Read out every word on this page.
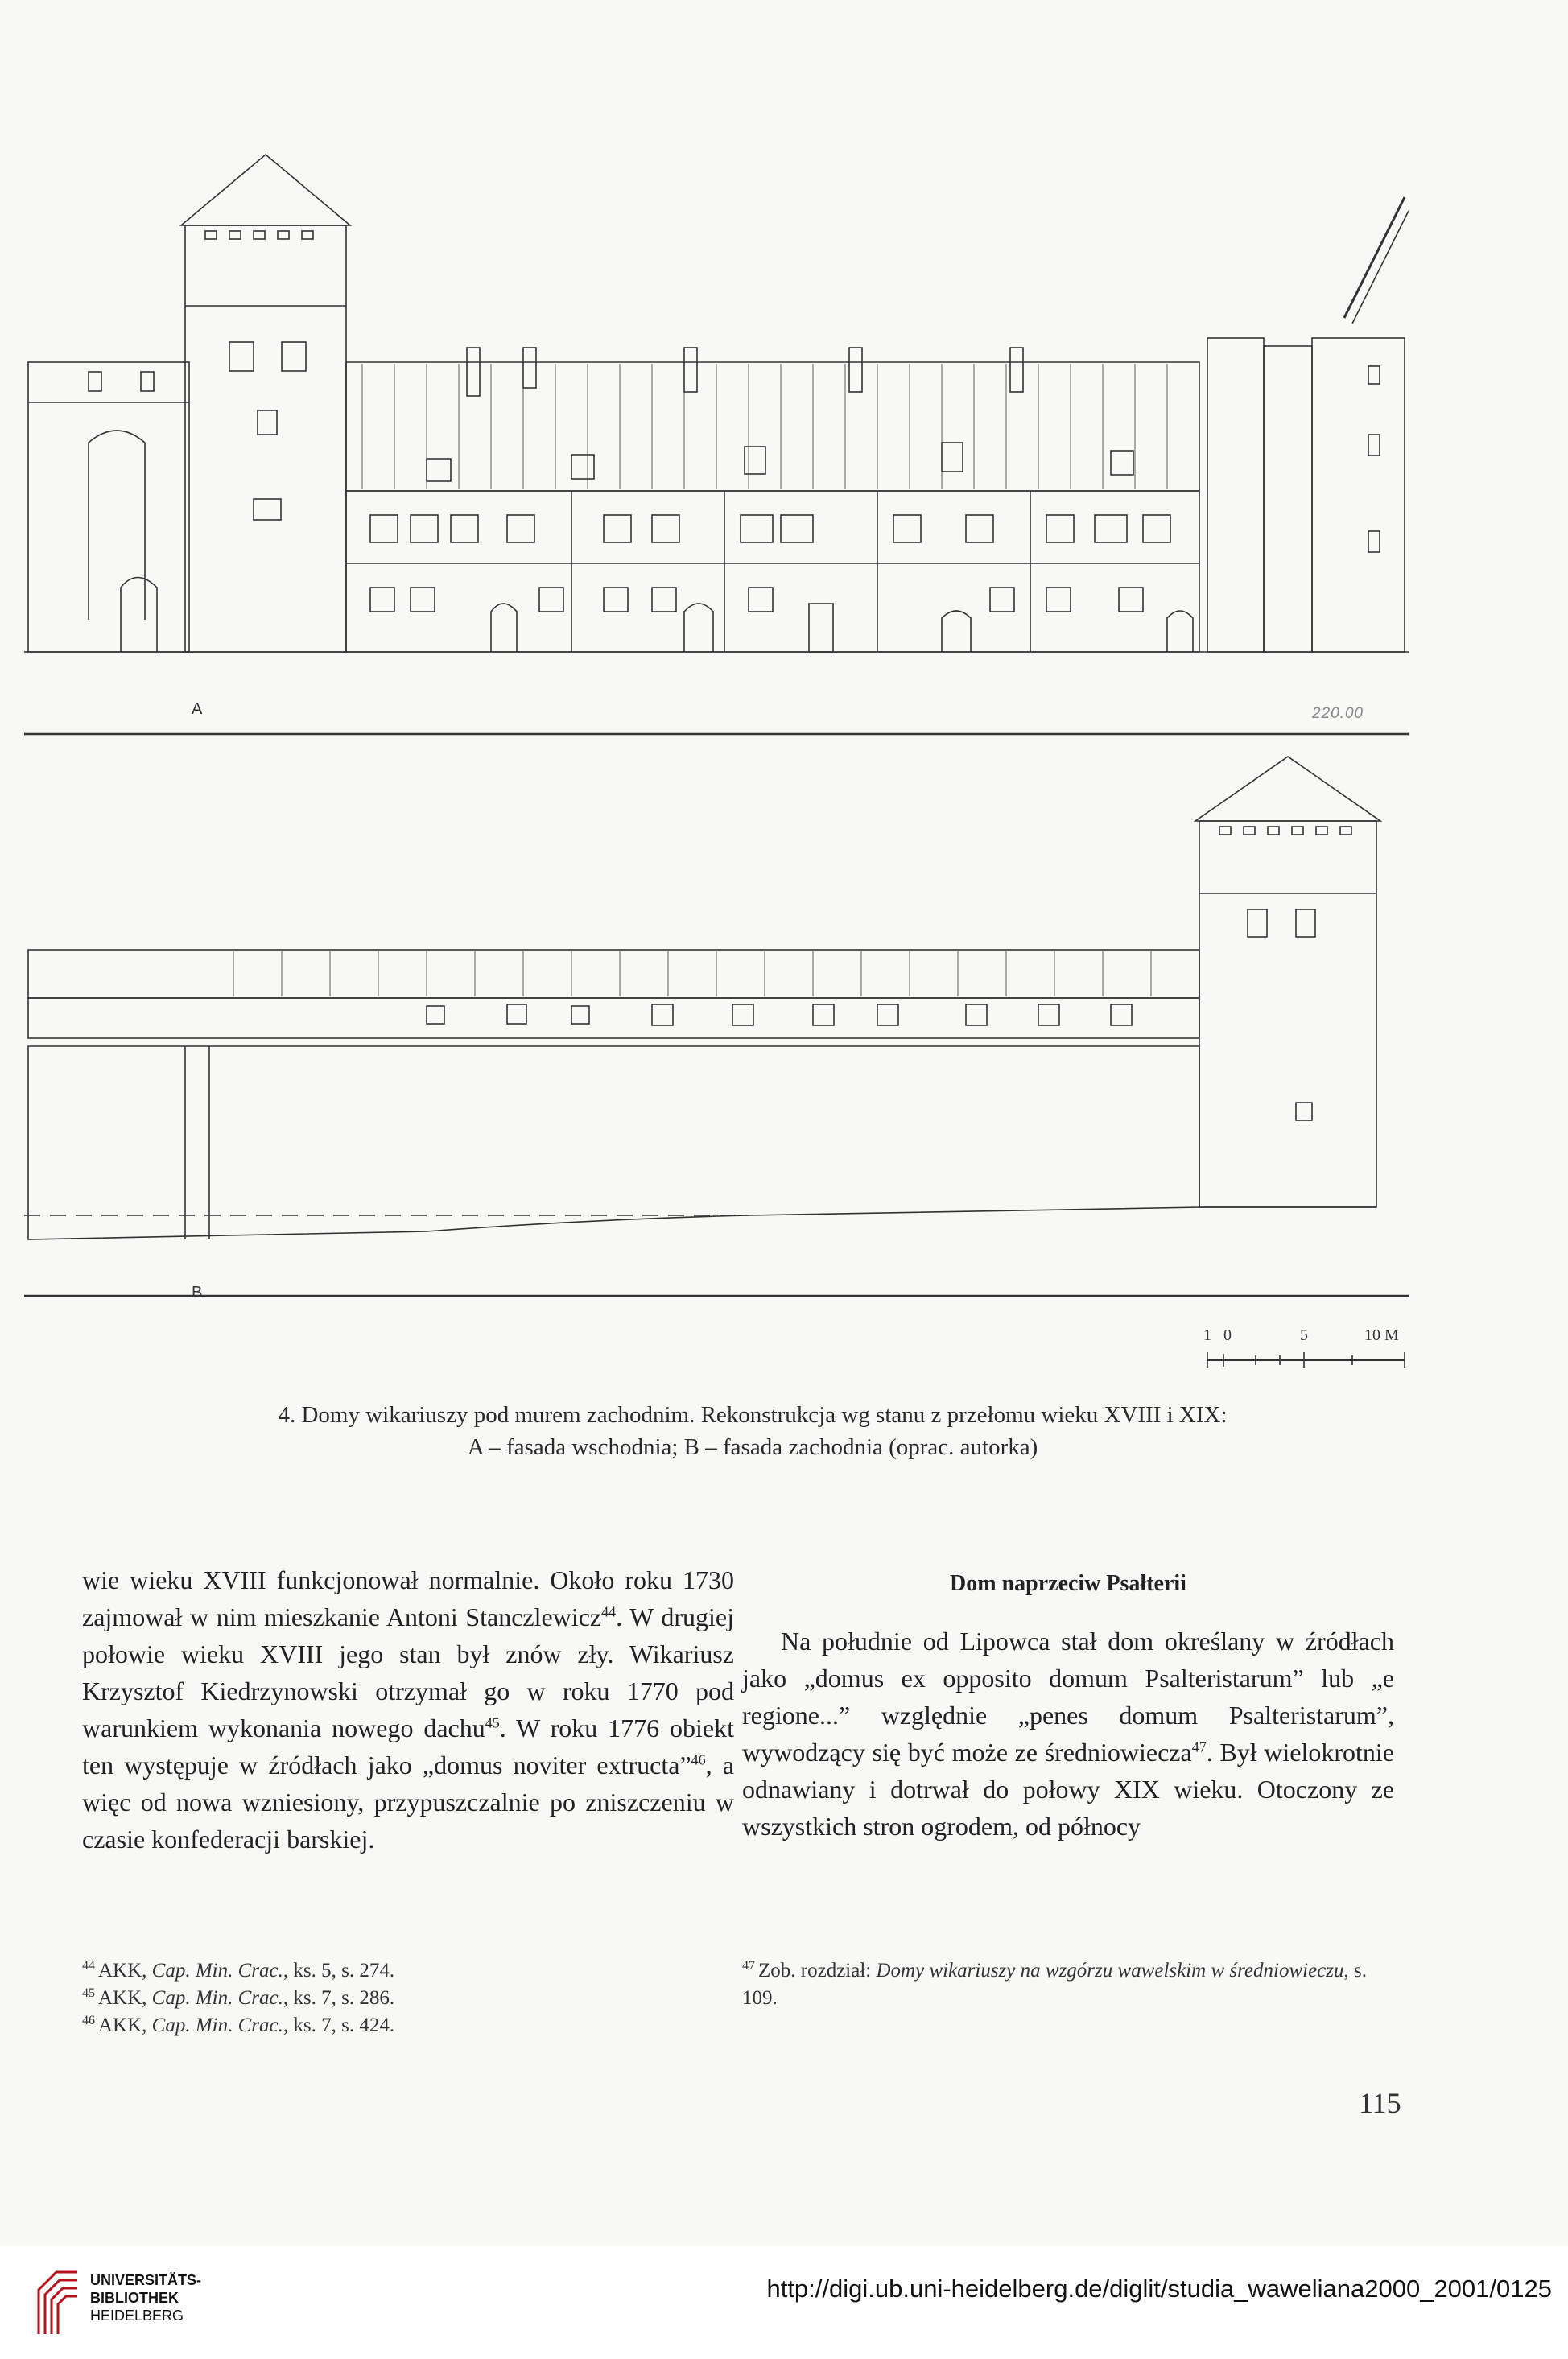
A	220.00
B
1 0	5	10 M
4. Domy wikariuszy pod murem zachodnim. Rekonstrukcja wg stanu z przełomu wieku XVIII i XIX:
A – fasada wschodnia; B – fasada zachodnia (oprac. autorka)
wie wieku XVIII funkcjonował normalnie. Około roku 1730 zajmował w nim mieszkanie Antoni Stanczlewicz$^{44}$. W drugiej połowie wieku XVIII jego stan był znów zły. Wikariusz Krzysztof Kiedrzynowski otrzymał go w roku 1770 pod warunkiem wykonania nowego dachu$^{45}$. W roku 1776 obiekt ten występuje w źródłach jako „domus noviter extructa”$^{46}$, a więc od nowa wzniesiony, przypuszczalnie po zniszczeniu w czasie konfederacji barskiej.
Dom naprzeciw Psałterii
Na południe od Lipowca stał dom określany w źródłach jako „domus ex opposito domum Psalteristarum” lub „e regione...” względnie „penes domum Psalteristarum”, wywodzący się być może ze średniowiecza$^{47}$. Był wielokrotnie odnawiany i dotrwał do połowy XIX wieku. Otoczony ze wszystkich stron ogrodem, od północy
$^{44}$ AKK, Cap. Min. Crac., ks. 5, s. 274.
$^{45}$ AKK, Cap. Min. Crac., ks. 7, s. 286.
$^{46}$ AKK, Cap. Min. Crac., ks. 7, s. 424.
$^{47}$ Zob. rozdział: Domy wikariuszy na wzgórzu wawelskim w średniowieczu, s. 109.
115
UNIVERSITÄTS-
BIBLIOTHEK
HEIDELBERG
http://digi.ub.uni-heidelberg.de/diglit/studia_waweliana2000_2001/0125
